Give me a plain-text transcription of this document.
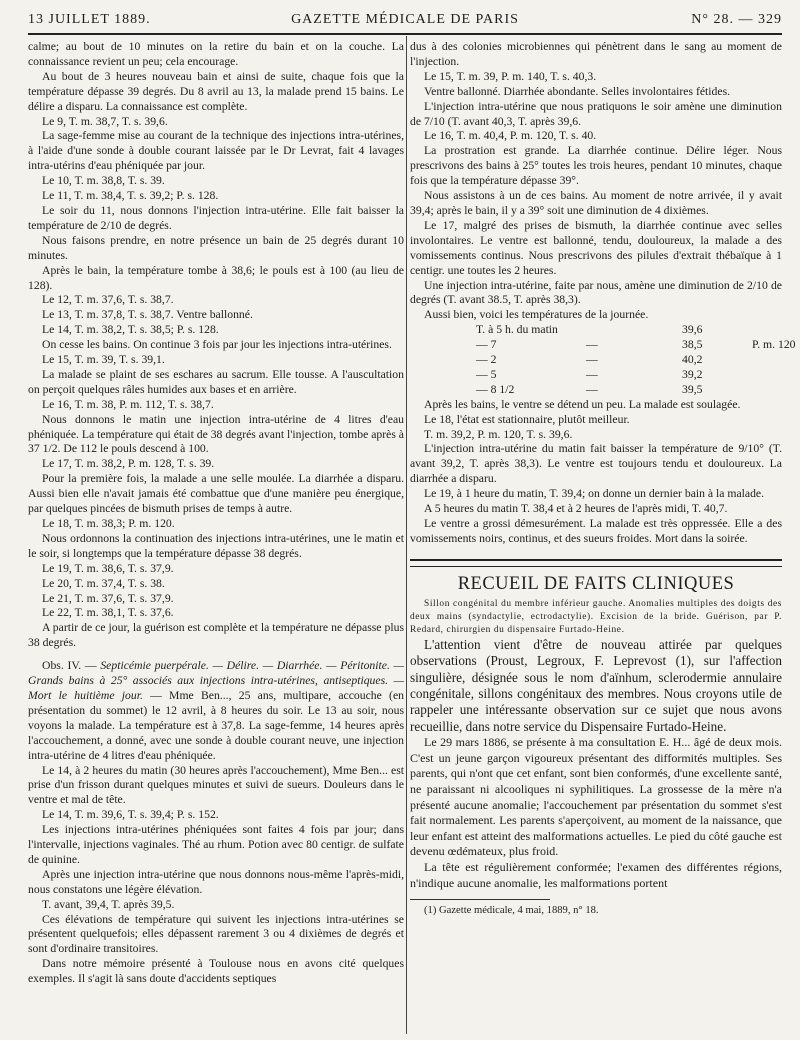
13 JUILLET 1889.	GAZETTE MÉDICALE DE PARIS	N° 28. — 329

calme; au bout de 10 minutes on la retire du bain et on la couche. La connaissance revient un peu; cela encourage.

Au bout de 3 heures nouveau bain et ainsi de suite, chaque fois que la température dépasse 39 degrés. Du 8 avril au 13, la malade prend 15 bains. Le délire a disparu. La connaissance est complète.

Le 9, T. m. 38,7, T. s. 39,6.

La sage-femme mise au courant de la technique des injections intra-utérines, à l'aide d'une sonde à double courant laissée par le Dr Levrat, fait 4 lavages intra-utérins d'eau phéniquée par jour.

Le 10, T. m. 38,8, T. s. 39.

Le 11, T. m. 38,4, T. s. 39,2; P. s. 128.

Le soir du 11, nous donnons l'injection intra-utérine. Elle fait baisser la température de 2/10 de degrés.

Nous faisons prendre, en notre présence un bain de 25 degrés durant 10 minutes.

Après le bain, la température tombe à 38,6; le pouls est à 100 (au lieu de 128).

Le 12, T. m. 37,6, T. s. 38,7.

Le 13, T. m. 37,8, T. s. 38,7. Ventre ballonné.

Le 14, T. m. 38,2, T. s. 38,5; P. s. 128.

On cesse les bains. On continue 3 fois par jour les injections intra-utérines.

Le 15, T. m. 39, T. s. 39,1.

La malade se plaint de ses eschares au sacrum. Elle tousse. A l'auscultation on perçoit quelques râles humides aux bases et en arrière.

Le 16, T. m. 38, P. m. 112, T. s. 38,7.

Nous donnons le matin une injection intra-utérine de 4 litres d'eau phéniquée. La température qui était de 38 degrés avant l'injection, tombe après à 37 1/2. De 112 le pouls descend à 100.

Le 17, T. m. 38,2, P. m. 128, T. s. 39.

Pour la première fois, la malade a une selle moulée. La diarrhée a disparu. Aussi bien elle n'avait jamais été combattue que d'une manière peu énergique, par quelques pincées de bismuth prises de temps à autre.

Le 18, T. m. 38,3; P. m. 120.

Nous ordonnons la continuation des injections intra-utérines, une le matin et le soir, si longtemps que la température dépasse 38 degrés.

Le 19, T. m. 38,6, T. s. 37,9.

Le 20, T. m. 37,4, T. s. 38.

Le 21, T. m. 37,6, T. s. 37,9.

Le 22, T. m. 38,1, T. s. 37,6.

A partir de ce jour, la guérison est complète et la température ne dépasse plus 38 degrés.

Obs. IV. — Septicémie puerpérale. — Délire. — Diarrhée. — Péritonite. — Grands bains à 25° associés aux injections intra-utérines, antiseptiques. — Mort le huitième jour. — Mme Ben..., 25 ans, multipare, accouche (en présentation du sommet) le 12 avril, à 8 heures du soir. Le 13 au soir, nous voyons la malade. La température est à 37,8. La sage-femme, 14 heures après l'accouchement, a donné, avec une sonde à double courant neuve, une injection intra-utérine de 4 litres d'eau phéniquée.

Le 14, à 2 heures du matin (30 heures après l'accouchement), Mme Ben... est prise d'un frisson durant quelques minutes et suivi de sueurs. Douleurs dans le ventre et mal de tête.

Le 14, T. m. 39,6, T. s. 39,4; P. s. 152.

Les injections intra-utérines phéniquées sont faites 4 fois par jour; dans l'intervalle, injections vaginales. Thé au rhum. Potion avec 80 centigr. de sulfate de quinine.

Après une injection intra-utérine que nous donnons nous-même l'après-midi, nous constatons une légère élévation.

T. avant, 39,4, T. après 39,5.

Ces élévations de température qui suivent les injections intra-utérines se présentent quelquefois; elles dépassent rarement 3 ou 4 dixièmes de degrés et sont d'ordinaire transitoires.

Dans notre mémoire présenté à Toulouse nous en avons cité quelques exemples. Il s'agit là sans doute d'accidents septiques

dus à des colonies microbiennes qui pénètrent dans le sang au moment de l'injection.

Le 15, T. m. 39, P. m. 140, T. s. 40,3.

Ventre ballonné. Diarrhée abondante. Selles involontaires fétides.

L'injection intra-utérine que nous pratiquons le soir amène une diminution de 7/10 (T. avant 40,3, T. après 39,6.

Le 16, T. m. 40,4, P. m. 120, T. s. 40.

La prostration est grande. La diarrhée continue. Délire léger. Nous prescrivons des bains à 25° toutes les trois heures, pendant 10 minutes, chaque fois que la température dépasse 39°.

Nous assistons à un de ces bains. Au moment de notre arrivée, il y avait 39,4; après le bain, il y a 39° soit une diminution de 4 dixièmes.

Le 17, malgré des prises de bismuth, la diarrhée continue avec selles involontaires. Le ventre est ballonné, tendu, douloureux, la malade a des vomissements continus. Nous prescrivons des pilules d'extrait thébaïque à 1 centigr. une toutes les 2 heures.

Une injection intra-utérine, faite par nous, amène une diminution de 2/10 de degrés (T. avant 38.5, T. après 38,3).

Aussi bien, voici les températures de la journée.

T. à 5 h. du matin	39,6
— 7	—	38,5	P. m. 120
— 2	—	40,2
— 5	—	39,2
— 8 1/2	—	39,5

Après les bains, le ventre se détend un peu. La malade est soulagée.

Le 18, l'état est stationnaire, plutôt meilleur.

T. m. 39,2, P. m. 120, T. s. 39,6.

L'injection intra-utérine du matin fait baisser la température de 9/10° (T. avant 39,2, T. après 38,3). Le ventre est toujours tendu et douloureux. La diarrhée a disparu.

Le 19, à 1 heure du matin, T. 39,4; on donne un dernier bain à la malade.

A 5 heures du matin T. 38,4 et à 2 heures de l'après midi, T. 40,7.

Le ventre a grossi démesurément. La malade est très oppressée. Elle a des vomissements noirs, continus, et des sueurs froides. Mort dans la soirée.

RECUEIL DE FAITS CLINIQUES

Sillon congénital du membre inférieur gauche. Anomalies multiples des doigts des deux mains (syndactylie, ectrodactylie). Excision de la bride. Guérison, par P. Redard, chirurgien du dispensaire Furtado-Heine.

L'attention vient d'être de nouveau attirée par quelques observations (Proust, Legroux, F. Leprevost (1), sur l'affection singulière, désignée sous le nom d'aïnhum, sclerodermie annulaire congénitale, sillons congénitaux des membres. Nous croyons utile de rappeler une intéressante observation sur ce sujet que nous avons recueillie, dans notre service du Dispensaire Furtado-Heine.

Le 29 mars 1886, se présente à ma consultation E. H... âgé de deux mois. C'est un jeune garçon vigoureux présentant des difformités multiples. Ses parents, qui n'ont que cet enfant, sont bien conformés, d'une excellente santé, ne paraissant ni alcooliques ni syphilitiques. La grossesse de la mère n'a présenté aucune anomalie; l'accouchement par présentation du sommet s'est fait normalement. Les parents s'aperçoivent, au moment de la naissance, que leur enfant est atteint des malformations actuelles. Le pied du côté gauche est devenu œdémateux, plus froid.

La tête est régulièrement conformée; l'examen des différentes régions, n'indique aucune anomalie, les malformations portent

(1) Gazette médicale, 4 mai, 1889, n° 18.
